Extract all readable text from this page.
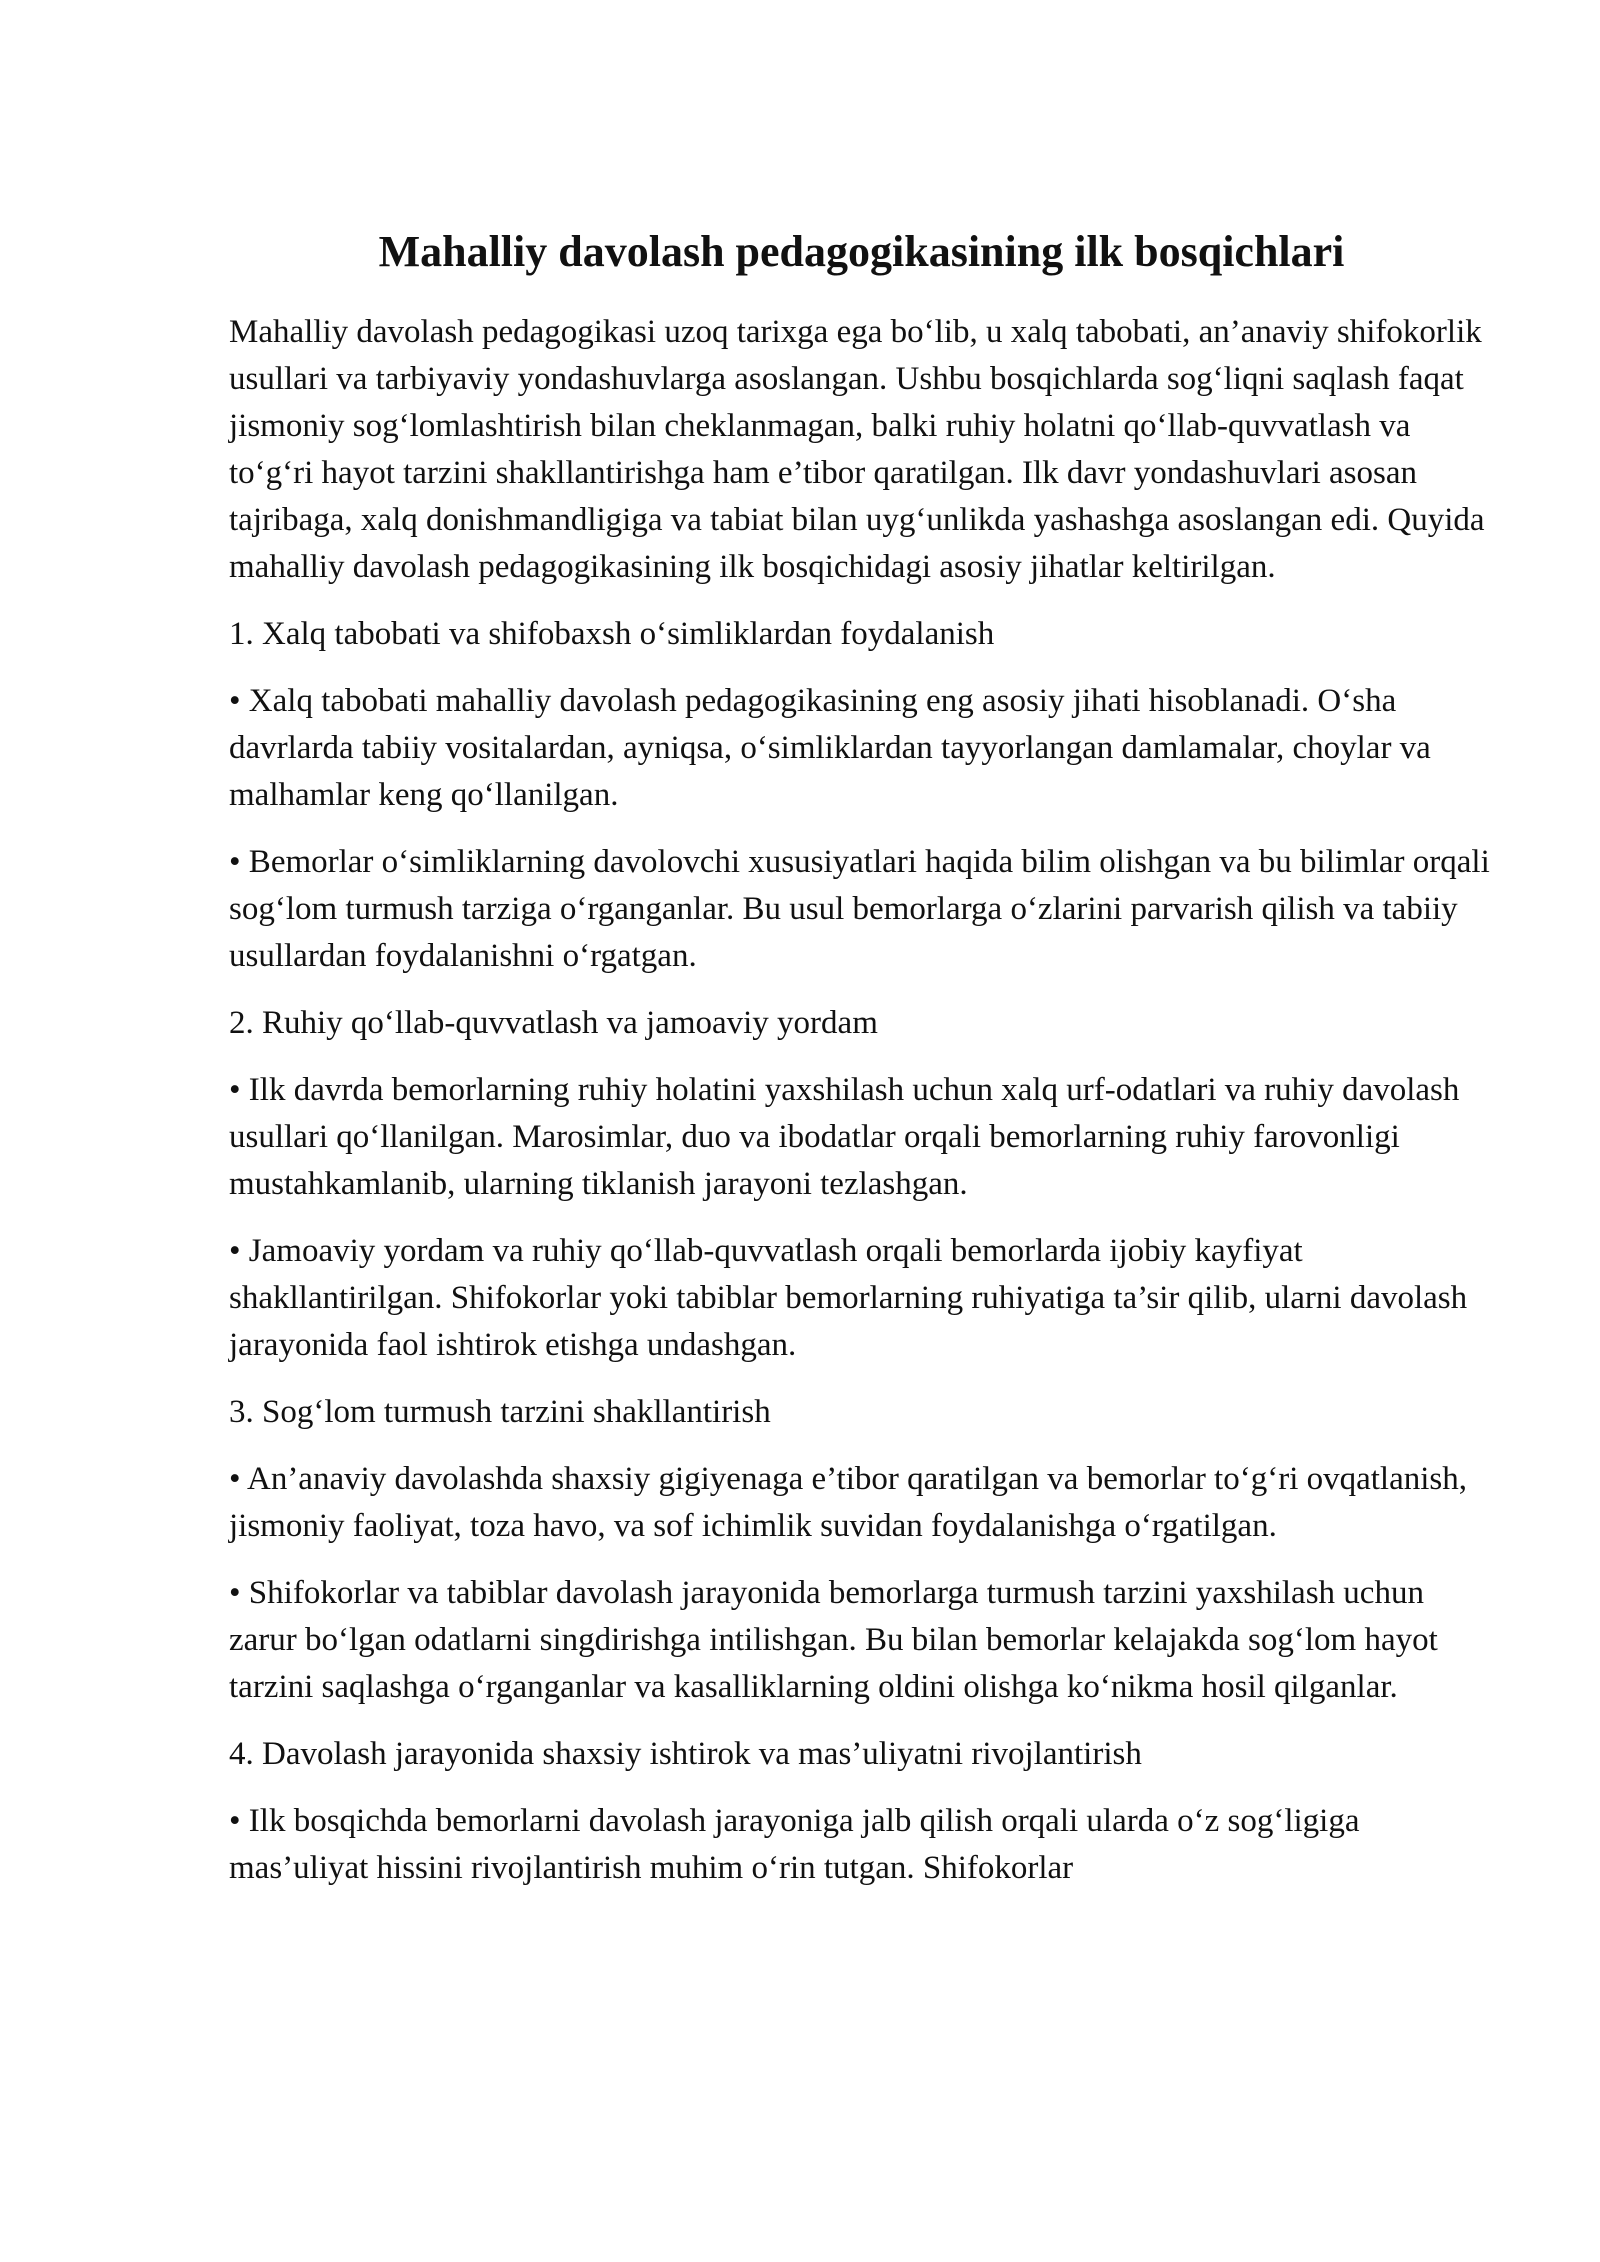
Mahalliy davolash pedagogikasining ilk bosqichlari

Mahalliy davolash pedagogikasi uzoq tarixga ega bo‘lib, u xalq tabobati, an’anaviy shifokorlik usullari va tarbiyaviy yondashuvlarga asoslangan. Ushbu bosqichlarda sog‘liqni saqlash faqat jismoniy sog‘lomlashtirish bilan cheklanmagan, balki ruhiy holatni qo‘llab-quvvatlash va to‘g‘ri hayot tarzini shakllantirishga ham e’tibor qaratilgan. Ilk davr yondashuvlari asosan tajribaga, xalq donishmandligiga va tabiat bilan uyg‘unlikda yashashga asoslangan edi. Quyida mahalliy davolash pedagogikasining ilk bosqichidagi asosiy jihatlar keltirilgan.

1. Xalq tabobati va shifobaxsh o‘simliklardan foydalanish

• Xalq tabobati mahalliy davolash pedagogikasining eng asosiy jihati hisoblanadi. O‘sha davrlarda tabiiy vositalardan, ayniqsa, o‘simliklardan tayyorlangan damlamalar, choylar va malhamlar keng qo‘llanilgan.

• Bemorlar o‘simliklarning davolovchi xususiyatlari haqida bilim olishgan va bu bilimlar orqali sog‘lom turmush tarziga o‘rganganlar. Bu usul bemorlarga o‘zlarini parvarish qilish va tabiiy usullardan foydalanishni o‘rgatgan.

2. Ruhiy qo‘llab-quvvatlash va jamoaviy yordam

• Ilk davrda bemorlarning ruhiy holatini yaxshilash uchun xalq urf-odatlari va ruhiy davolash usullari qo‘llanilgan. Marosimlar, duo va ibodatlar orqali bemorlarning ruhiy farovonligi mustahkamlanib, ularning tiklanish jarayoni tezlashgan.

• Jamoaviy yordam va ruhiy qo‘llab-quvvatlash orqali bemorlarda ijobiy kayfiyat shakllantirilgan. Shifokorlar yoki tabiblar bemorlarning ruhiyatiga ta’sir qilib, ularni davolash jarayonida faol ishtirok etishga undashgan.

3. Sog‘lom turmush tarzini shakllantirish

• An’anaviy davolashda shaxsiy gigiyenaga e’tibor qaratilgan va bemorlar to‘g‘ri ovqatlanish, jismoniy faoliyat, toza havo, va sof ichimlik suvidan foydalanishga o‘rgatilgan.

• Shifokorlar va tabiblar davolash jarayonida bemorlarga turmush tarzini yaxshilash uchun zarur bo‘lgan odatlarni singdirishga intilishgan. Bu bilan bemorlar kelajakda sog‘lom hayot tarzini saqlashga o‘rganganlar va kasalliklarning oldini olishga ko‘nikma hosil qilganlar.

4. Davolash jarayonida shaxsiy ishtirok va mas’uliyatni rivojlantirish

• Ilk bosqichda bemorlarni davolash jarayoniga jalb qilish orqali ularda o‘z sog‘ligiga mas’uliyat hissini rivojlantirish muhim o‘rin tutgan. Shifokorlar
